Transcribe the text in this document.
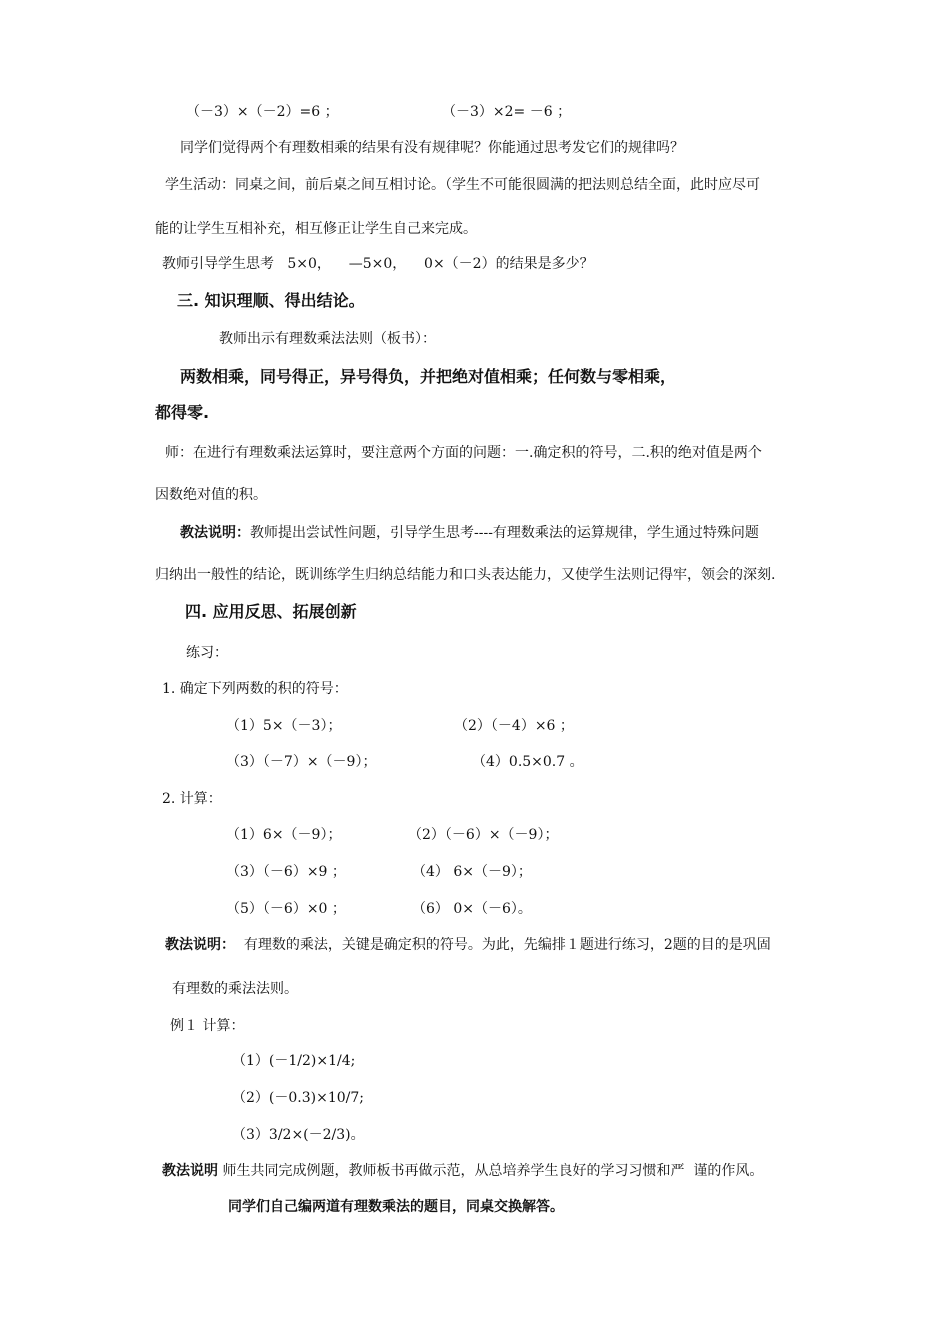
（－3）×（－2）=6 ；	（－3）×2= －6 ；
同学们觉得两个有理数相乘的结果有没有规律呢？你能通过思考发它们的规律吗？
学生活动：同桌之间，前后桌之间互相讨论。（学生不可能很圆满的把法则总结全面，此时应尽可
能的让学生互相补充，相互修正让学生自己来完成。
教师引导学生思考   5×0，    —5×0，    0×（－2）的结果是多少？
三. 知识理顺、得出结论。
教师出示有理数乘法法则（板书）：
两数相乘，同号得正，异号得负，并把绝对值相乘；任何数与零相乘，
都得零.
师：在进行有理数乘法运算时，要注意两个方面的问题：一.确定积的符号，二.积的绝对值是两个
因数绝对值的积。
教法说明：教师提出尝试性问题，引导学生思考----有理数乘法的运算规律，学生通过特殊问题
归纳出一般性的结论，既训练学生归纳总结能力和口头表达能力，又使学生法则记得牢，领会的深刻.
四. 应用反思、拓展创新
练习：
1. 确定下列两数的积的符号：
（1）5×（－3）；	（2）（－4）×6 ；
（3）（－7）×（－9）；	（4）0.5×0.7 。
2. 计算：
（1）6×（－9）；	（2）（－6）×（－9）；
（3）（－6）×9 ；	（4） 6×（－9）；
（5）（－6）×0 ；	（6） 0×（－6）。
教法说明：  有理数的乘法，关键是确定积的符号。为此，先编排１题进行练习，2题的目的是巩固
有理数的乘法法则。
例１ 计算：
（1）(－1/2)×1/4;
（2）(－0.3)×10/7;
（3）3/2×(－2/3)。
教法说明 师生共同完成例题，教师板书再做示范，从总培养学生良好的学习习惯和严  谨的作风。
同学们自己编两道有理数乘法的题目，同桌交换解答。
